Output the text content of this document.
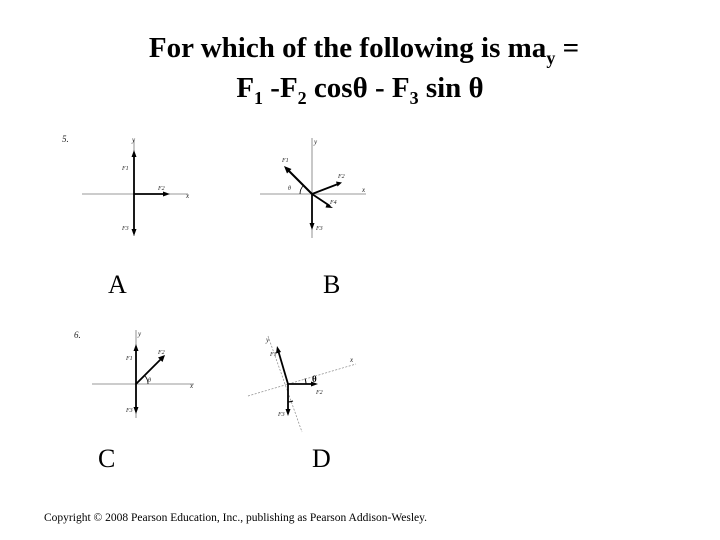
For which of the following is $ma_y$ =
$F_1$ $-F_2$ cosθ - $F_3$ sin θ
5.	y
x
F1
F2
F3
y
x
θ
F1
F2
F3
F4
A	B
6.	y
x
θ
F1
F2
F3
y
x
θ
F1
F2
F3
C	D
Copyright © 2008 Pearson Education, Inc., publishing as Pearson Addison-Wesley.
